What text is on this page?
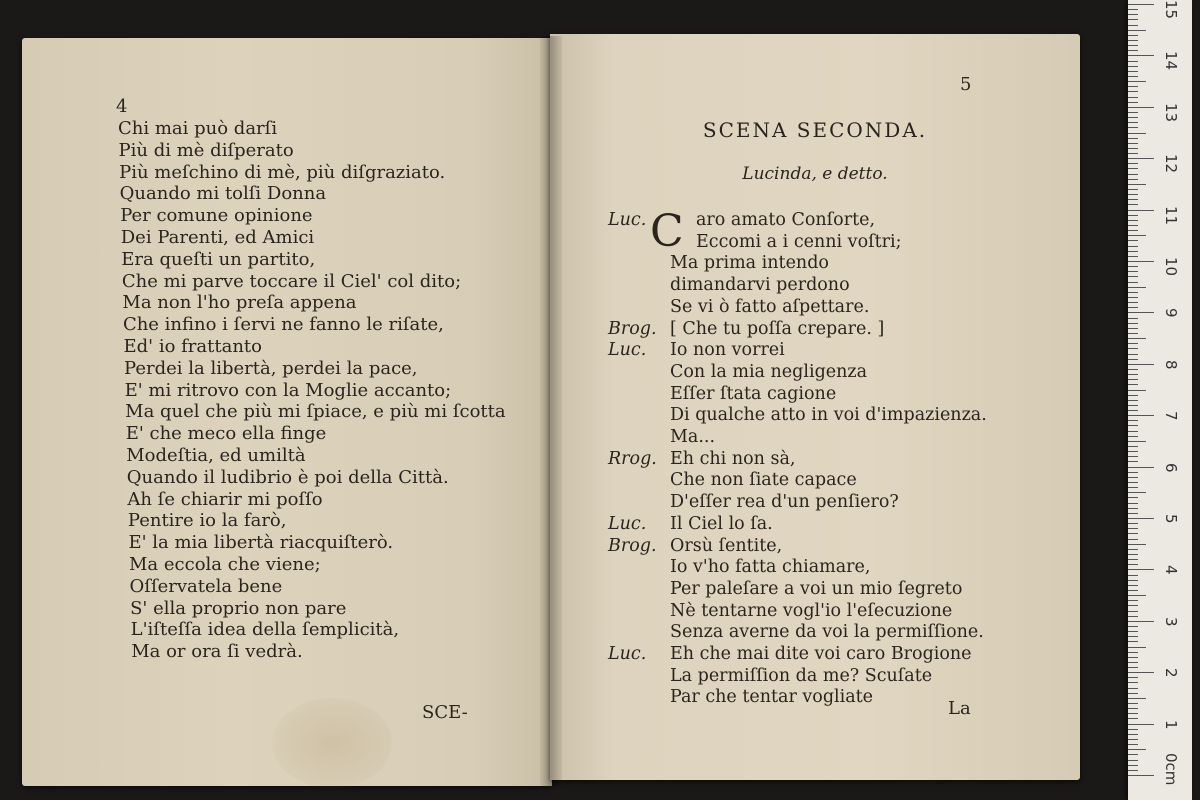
4
Chi mai può darſi
Più di mè diſperato
Più meſchino di mè, più diſgraziato.
Quando mi tolſi Donna
Per comune opinione
Dei Parenti, ed Amici
Era queſti un partito,
Che mi parve toccare il Ciel' col dito;
Ma non l'ho preſa appena
Che infino i ſervi ne fanno le riſate,
Ed' io frattanto
Perdei la libertà, perdei la pace,
E' mi ritrovo con la Moglie accanto;
Ma quel che più mi ſpiace, e più mi ſcotta
E' che meco ella finge
Modeſtia, ed umiltà
Quando il ludibrio è poi della Città.
Ah ſe chiarir mi poſſo
Pentire io la farò,
E' la mia libertà riacquiſterò.
Ma eccola che viene;
Oſſervatela bene
S' ella proprio non pare
L'iſteſſa idea della ſemplicità,
Ma or ora ſi vedrà.
SCE-
5
SCENA SECONDA.
Lucinda, e detto.
Luc. C aro amato Conſorte,
Eccomi a i cenni voſtri;
Ma prima intendo
dimandarvi perdono
Se vi ò fatto aſpettare.
Brog. [ Che tu poſſa crepare. ]
Luc. Io non vorrei
Con la mia negligenza
Eſſer ſtata cagione
Di qualche atto in voi d'impazienza.
Ma...
Rrog. Eh chi non sà,
Che non ſiate capace
D'eſſer rea d'un penſiero?
Luc. Il Ciel lo ſa.
Brog. Orsù ſentite,
Io v'ho fatta chiamare,
Per paleſare a voi un mio ſegreto
Nè tentarne vogl'io l'eſecuzione
Senza averne da voi la permiſſione.
Luc. Eh che mai dite voi caro Brogione
La permiſſion da me? Scuſate
Par che tentar vogliate
La
0cm
1
2
3
4
5
6
7
8
9
10
11
12
13
14
15
